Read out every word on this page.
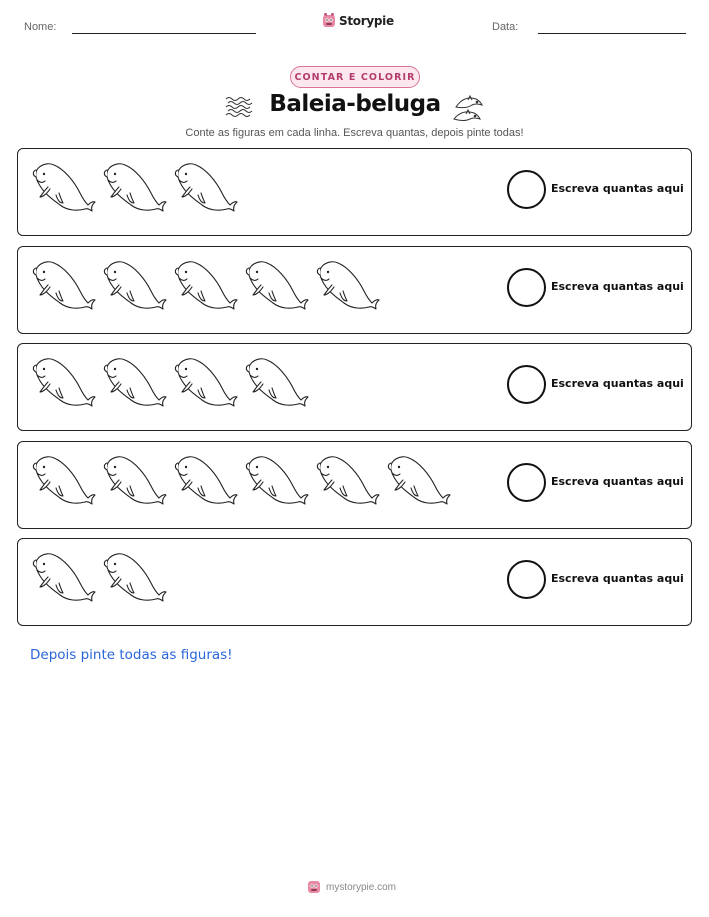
Nome:	Storypie	Data:
CONTAR E COLORIR
Baleia-beluga
Conte as figuras em cada linha. Escreva quantas, depois pinte todas!
Escreva quantas aqui
Escreva quantas aqui
Escreva quantas aqui
Escreva quantas aqui
Escreva quantas aqui
Depois pinte todas as figuras!
mystorypie.com
